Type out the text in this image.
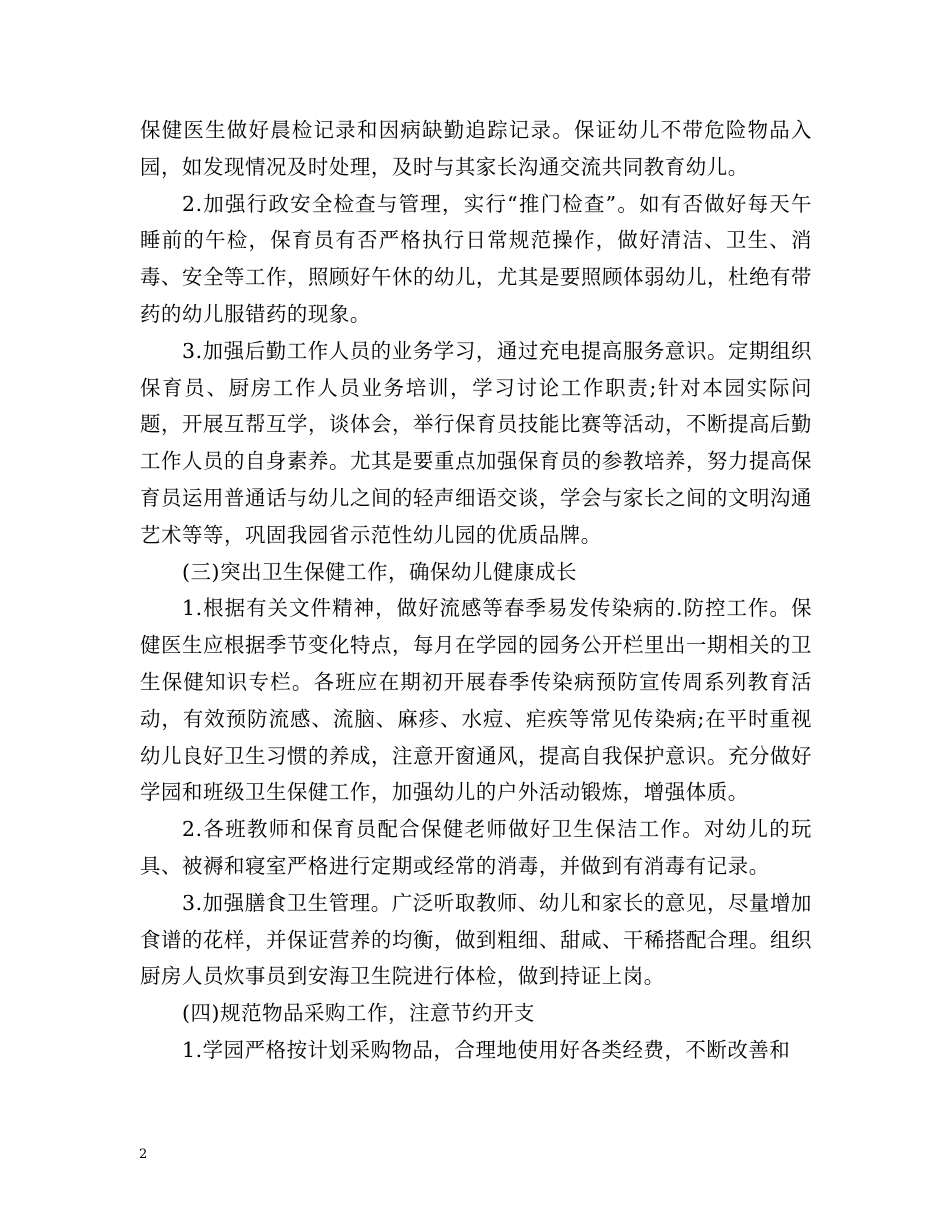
保健医生做好晨检记录和因病缺勤追踪记录。保证幼儿不带危险物品入园，如发现情况及时处理，及时与其家长沟通交流共同教育幼儿。

2.加强行政安全检查与管理，实行“推门检查”。如有否做好每天午睡前的午检，保育员有否严格执行日常规范操作，做好清洁、卫生、消毒、安全等工作，照顾好午休的幼儿，尤其是要照顾体弱幼儿，杜绝有带药的幼儿服错药的现象。

3.加强后勤工作人员的业务学习，通过充电提高服务意识。定期组织保育员、厨房工作人员业务培训，学习讨论工作职责;针对本园实际问题，开展互帮互学，谈体会，举行保育员技能比赛等活动，不断提高后勤工作人员的自身素养。尤其是要重点加强保育员的参教培养，努力提高保育员运用普通话与幼儿之间的轻声细语交谈，学会与家长之间的文明沟通艺术等等，巩固我园省示范性幼儿园的优质品牌。

(三)突出卫生保健工作，确保幼儿健康成长

1.根据有关文件精神，做好流感等春季易发传染病的.防控工作。保健医生应根据季节变化特点，每月在学园的园务公开栏里出一期相关的卫生保健知识专栏。各班应在期初开展春季传染病预防宣传周系列教育活动，有效预防流感、流脑、麻疹、水痘、疟疾等常见传染病;在平时重视幼儿良好卫生习惯的养成，注意开窗通风，提高自我保护意识。充分做好学园和班级卫生保健工作，加强幼儿的户外活动锻炼，增强体质。

2.各班教师和保育员配合保健老师做好卫生保洁工作。对幼儿的玩具、被褥和寝室严格进行定期或经常的消毒，并做到有消毒有记录。

3.加强膳食卫生管理。广泛听取教师、幼儿和家长的意见，尽量增加食谱的花样，并保证营养的均衡，做到粗细、甜咸、干稀搭配合理。组织厨房人员炊事员到安海卫生院进行体检，做到持证上岗。

(四)规范物品采购工作，注意节约开支

1.学园严格按计划采购物品，合理地使用好各类经费，不断改善和

2
